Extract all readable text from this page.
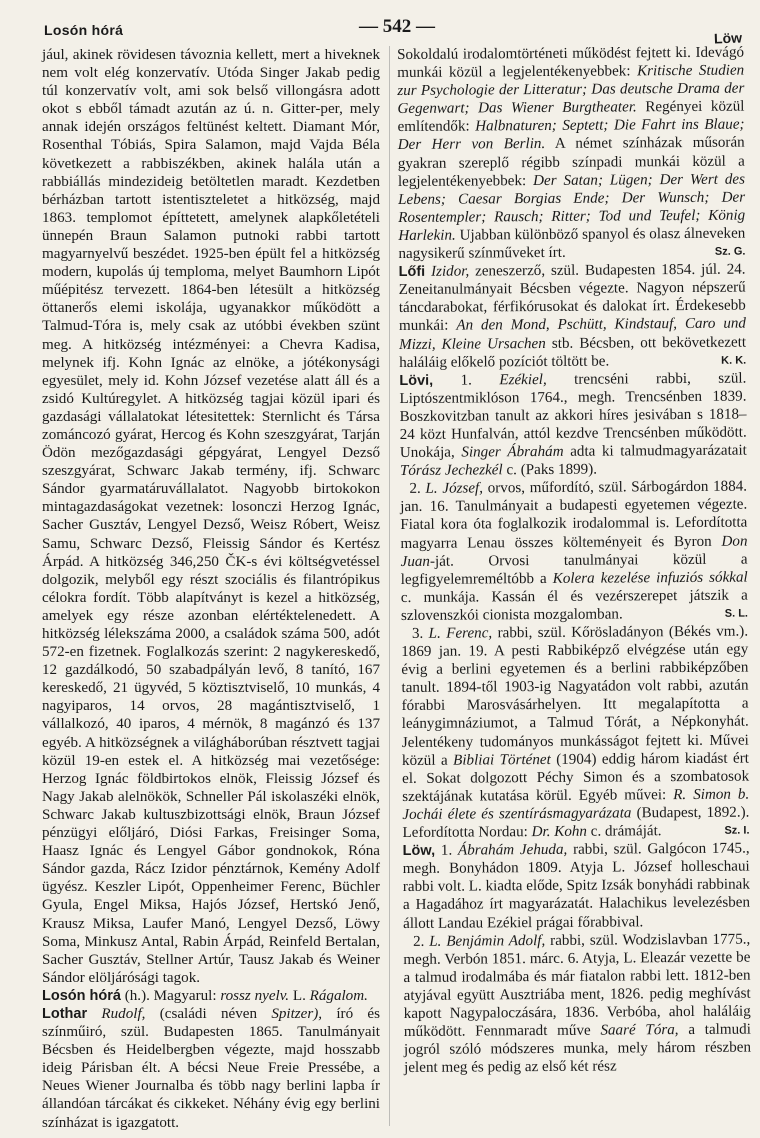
Losón hórá	— 542 —
Löw

jául, akinek rövidesen távoznia kellett, mert a hiveknek nem volt elég konzervatív. Utóda Singer Jakab pedig túl konzervatív volt, ami sok belső villongásra adott okot s ebből támadt azután az ú. n. Gitter-per, mely annak idején országos feltünést keltett. Diamant Mór, Rosenthal Tóbiás, Spira Salamon, majd Vajda Béla következett a rabbiszékben, akinek halála után a rabbiállás mindezideig betöltetlen maradt. Kezdetben bérházban tartott istentiszteletet a hitközség, majd 1863. templomot építtetett, amelynek alapkőletételi ünnepén Braun Salamon putnoki rabbi tartott magyarnyelvű beszédet. 1925-ben épült fel a hitközség modern, kupolás új temploma, melyet Baumhorn Lipót műépitész tervezett. 1864-ben létesült a hitközség öttanerős elemi iskolája, ugyanakkor működött a Talmud-Tóra is, mely csak az utóbbi években szünt meg. A hitközség intézményei: a Chevra Kadisa, melynek ifj. Kohn Ignác az elnöke, a jótékonysági egyesület, mely id. Kohn József vezetése alatt áll és a zsidó Kultúregylet. A hitközség tagjai közül ipari és gazdasági vállalatokat létesitettek: Sternlicht és Társa zománcozó gyárat, Hercog és Kohn szeszgyárat, Tarján Ödön mezőgazdasági gépgyárat, Lengyel Dezső szeszgyárat, Schwarc Jakab termény, ifj. Schwarc Sándor gyarmatáruvállalatot. Nagyobb birtokokon mintagazdaságokat vezetnek: losonczi Herzog Ignác, Sacher Gusztáv, Lengyel Dezső, Weisz Róbert, Weisz Samu, Schwarc Dezső, Fleissig Sándor és Kertész Árpád. A hitközség 346,250 ČK-s évi költségvetéssel dolgozik, melyből egy részt szociális és filantrópikus célokra fordít. Több alapítványt is kezel a hitközség, amelyek egy része azonban elértéktelenedett. A hitközség lélekszáma 2000, a családok száma 500, adót 572-en fizetnek. Foglalkozás szerint: 2 nagykereskedő, 12 gazdálkodó, 50 szabadpályán levő, 8 tanító, 167 kereskedő, 21 ügyvéd, 5 köztisztviselő, 10 munkás, 4 nagyiparos, 14 orvos, 28 magántisztviselő, 1 vállalkozó, 40 iparos, 4 mérnök, 8 magánzó és 137 egyéb. A hitközségnek a világháborúban résztvett tagjai közül 19-en estek el. A hitközség mai vezetősége: Herzog Ignác földbirtokos elnök, Fleissig József és Nagy Jakab alelnökök, Schneller Pál iskolaszéki elnök, Schwarc Jakab kultuszbizottsági elnök, Braun József pénzügyi előljáró, Diósi Farkas, Freisinger Soma, Haasz Ignác és Lengyel Gábor gondnokok, Róna Sándor gazda, Rácz Izidor pénztárnok, Kemény Adolf ügyész. Keszler Lipót, Oppenheimer Ferenc, Büchler Gyula, Engel Miksa, Hajós József, Hertskó Jenő, Krausz Miksa, Laufer Manó, Lengyel Dezső, Löwy Soma, Minkusz Antal, Rabin Árpád, Reinfeld Bertalan, Sacher Gusztáv, Stellner Artúr, Tausz Jakab és Weiner Sándor elöljárósági tagok.

Losón hórá (h.). Magyarul: rossz nyelv. L. Rágalom.

Lothar Rudolf, (családi néven Spitzer), író és színműiró, szül. Budapesten 1865. Tanulmányait Bécsben és Heidelbergben végezte, majd hosszabb ideig Párisban élt. A bécsi Neue Freie Pressébe, a Neues Wiener Journalba és több nagy berlini lapba ír állandóan tárcákat és cikkeket. Néhány évig egy berlini színházat is igazgatott.

Sokoldalú irodalomtörténeti működést fejtett ki. Idevágó munkái közül a legjelentékenyebbek: Kritische Studien zur Psychologie der Litteratur; Das deutsche Drama der Gegenwart; Das Wiener Burgtheater. Regényei közül említendők: Halbnaturen; Septett; Die Fahrt ins Blaue; Der Herr von Berlin. A német színházak műsorán gyakran szereplő régibb színpadi munkái közül a legjelentékenyebbek: Der Satan; Lügen; Der Wert des Lebens; Caesar Borgias Ende; Der Wunsch; Der Rosentempler; Rausch; Ritter; Tod und Teufel; König Harlekin. Ujabban különböző spanyol és olasz álneveken nagysikerű színműveket írt.	Sz. G.

Lőfi Izidor, zeneszerző, szül. Budapesten 1854. júl. 24. Zeneitanulmányait Bécsben végezte. Nagyon népszerű táncdarabokat, férfikórusokat és dalokat írt. Érdekesebb munkái: An den Mond, Pschütt, Kindstauf, Caro und Mizzi, Kleine Ursachen stb. Bécsben, ott bekövetkezett haláláig előkelő pozíciót töltött be.	K. K.

Lövi, 1. Ezékiel, trencséni rabbi, szül. Liptószentmiklóson 1764., megh. Trencsénben 1839. Boszkovitzban tanult az akkori híres jesivában s 1818–24 közt Hunfalván, attól kezdve Trencsénben működött. Unokája, Singer Ábrahám adta ki talmudmagyarázatait Tórász Jechezkél c. (Paks 1899).

2. L. József, orvos, műfordító, szül. Sárbogárdon 1884. jan. 16. Tanulmányait a budapesti egyetemen végezte. Fiatal kora óta foglalkozik irodalommal is. Lefordította magyarra Lenau összes költeményeit és Byron Don Juan-ját. Orvosi tanulmányai közül a legfigyelemreméltóbb a Kolera kezelése infuziós sókkal c. munkája. Kassán él és vezérszerepet játszik a szlovenszkói cionista mozgalomban.	S. L.

3. L. Ferenc, rabbi, szül. Kőrösladányon (Békés vm.). 1869 jan. 19. A pesti Rabbiképző elvégzése után egy évig a berlini egyetemen és a berlini rabbiképzőben tanult. 1894-től 1903-ig Nagyatádon volt rabbi, azután fórabbi Marosvásárhelyen. Itt megalapította a leánygimnáziumot, a Talmud Tórát, a Népkonyhát. Jelentékeny tudományos munkásságot fejtett ki. Művei közül a Bibliai Történet (1904) eddig három kiadást ért el. Sokat dolgozott Péchy Simon és a szombatosok szektájának kutatása körül. Egyéb művei: R. Simon b. Jochái élete és szentírásmagyarázata (Budapest, 1892.). Lefordította Nordau: Dr. Kohn c. drámáját.	Sz. I.

Löw, 1. Ábrahám Jehuda, rabbi, szül. Galgócon 1745., megh. Bonyhádon 1809. Atyja L. József holleschaui rabbi volt. L. kiadta előde, Spitz Izsák bonyhádi rabbinak a Hagadához írt magyarázatát. Halachikus levelezésben állott Landau Ezékiel prágai főrabbival.

2. L. Benjámin Adolf, rabbi, szül. Wodzislavban 1775., megh. Verbón 1851. márc. 6. Atyja, L. Eleazár vezette be a talmud irodalmába és már fiatalon rabbi lett. 1812-ben atyjával együtt Ausztriába ment, 1826. pedig meghívást kapott Nagypaloczására, 1836. Verbóba, ahol haláláig működött. Fennmaradt műve Saaré Tóra, a talmudi jogról szóló módszeres munka, mely három részben jelent meg és pedig az első két rész
